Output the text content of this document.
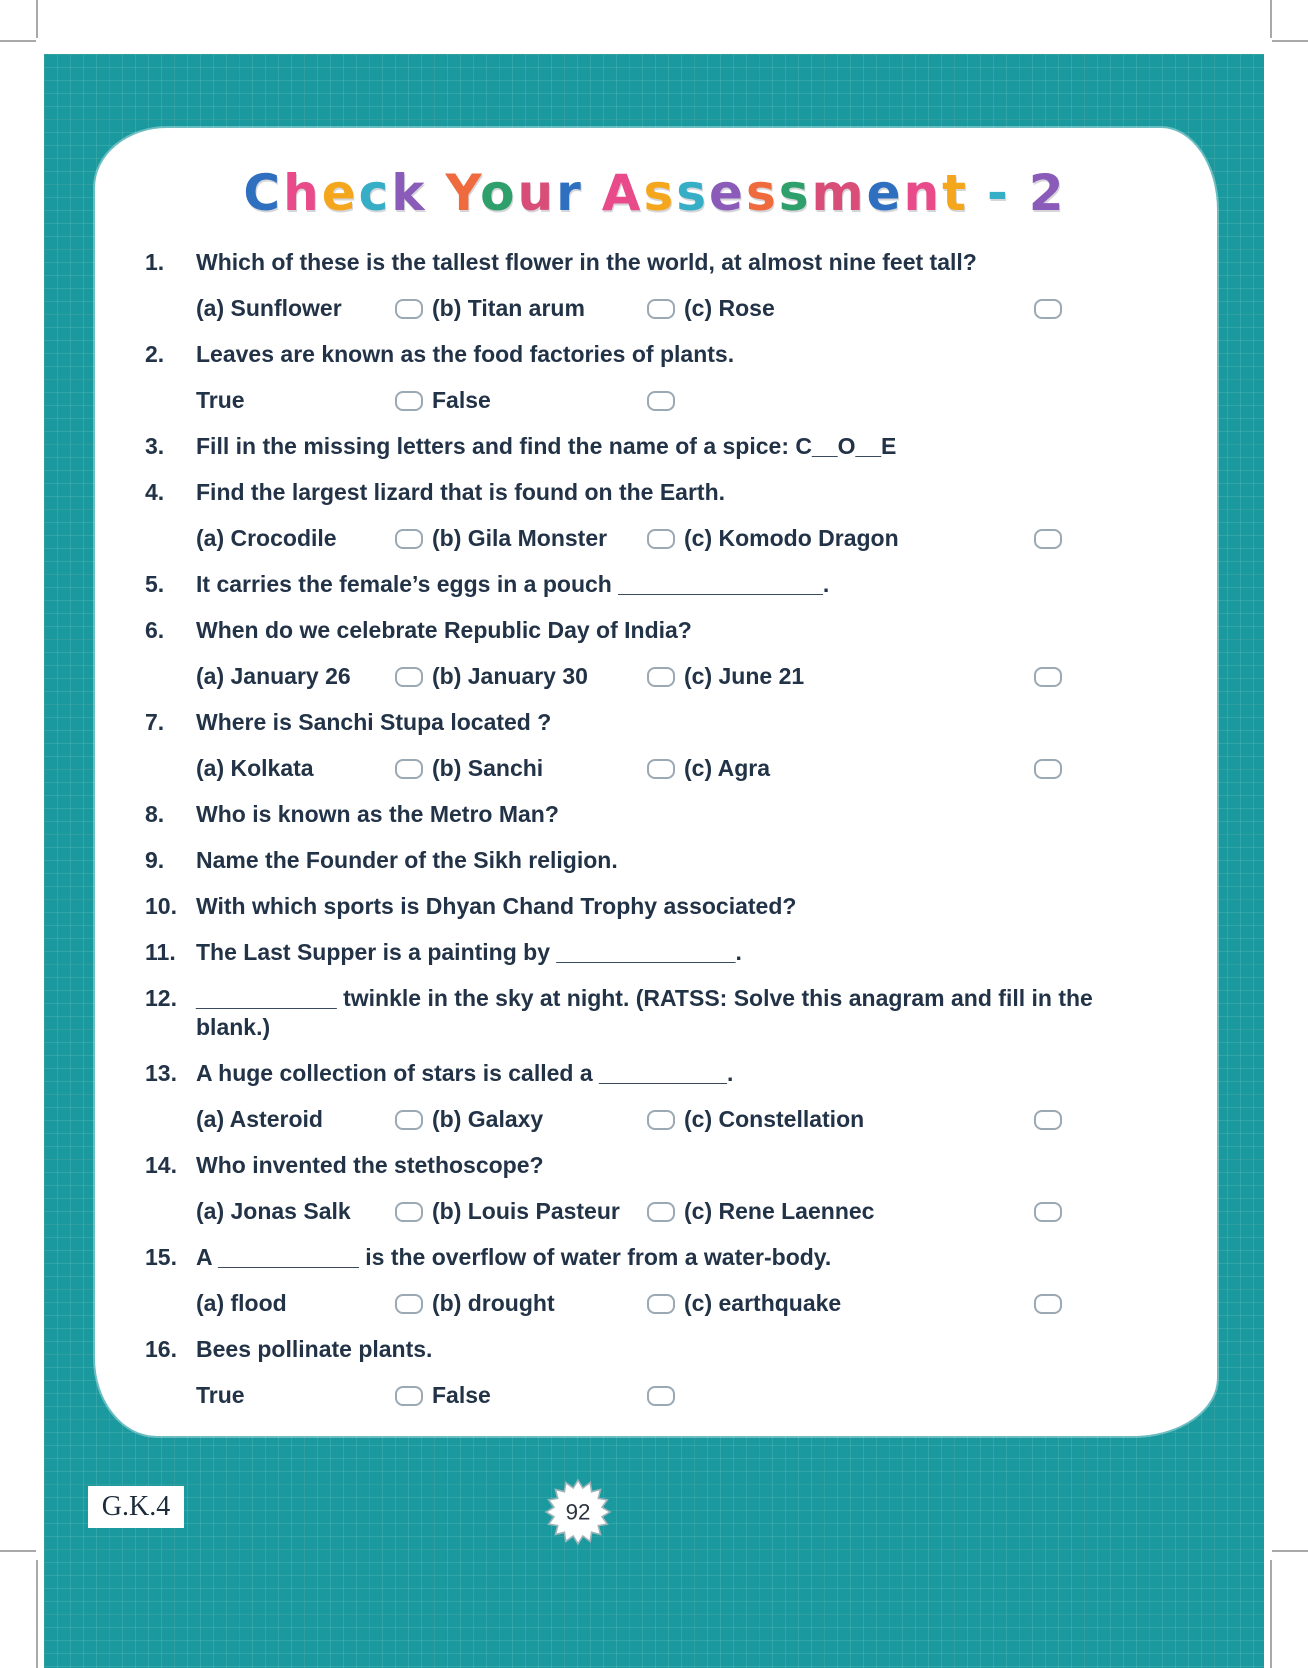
Check Your Assessment - 2
1.	Which of these is the tallest flower in the world, at almost nine feet tall?
(a) Sunflower	(b) Titan arum	(c) Rose
2.	Leaves are known as the food factories of plants.
True	False
3.	Fill in the missing letters and find the name of a spice: C__O__E
4.	Find the largest lizard that is found on the Earth.
(a) Crocodile	(b) Gila Monster	(c) Komodo Dragon
5.	It carries the female’s eggs in a pouch ________________.
6.	When do we celebrate Republic Day of India?
(a) January 26	(b) January 30	(c) June 21
7.	Where is Sanchi Stupa located ?
(a) Kolkata	(b) Sanchi	(c) Agra
8.	Who is known as the Metro Man?
9.	Name the Founder of the Sikh religion.
10. With which sports is Dhyan Chand Trophy associated?
11. The Last Supper is a painting by ______________.
12. ___________ twinkle in the sky at night. (RATSS: Solve this anagram and fill in the blank.)
13. A huge collection of stars is called a __________.
(a) Asteroid	(b) Galaxy	(c) Constellation
14. Who invented the stethoscope?
(a) Jonas Salk	(b) Louis Pasteur	(c) Rene Laennec
15. A ___________ is the overflow of water from a water-body.
(a) flood	(b) drought	(c) earthquake
16. Bees pollinate plants.
True	False
G.K.4	92
